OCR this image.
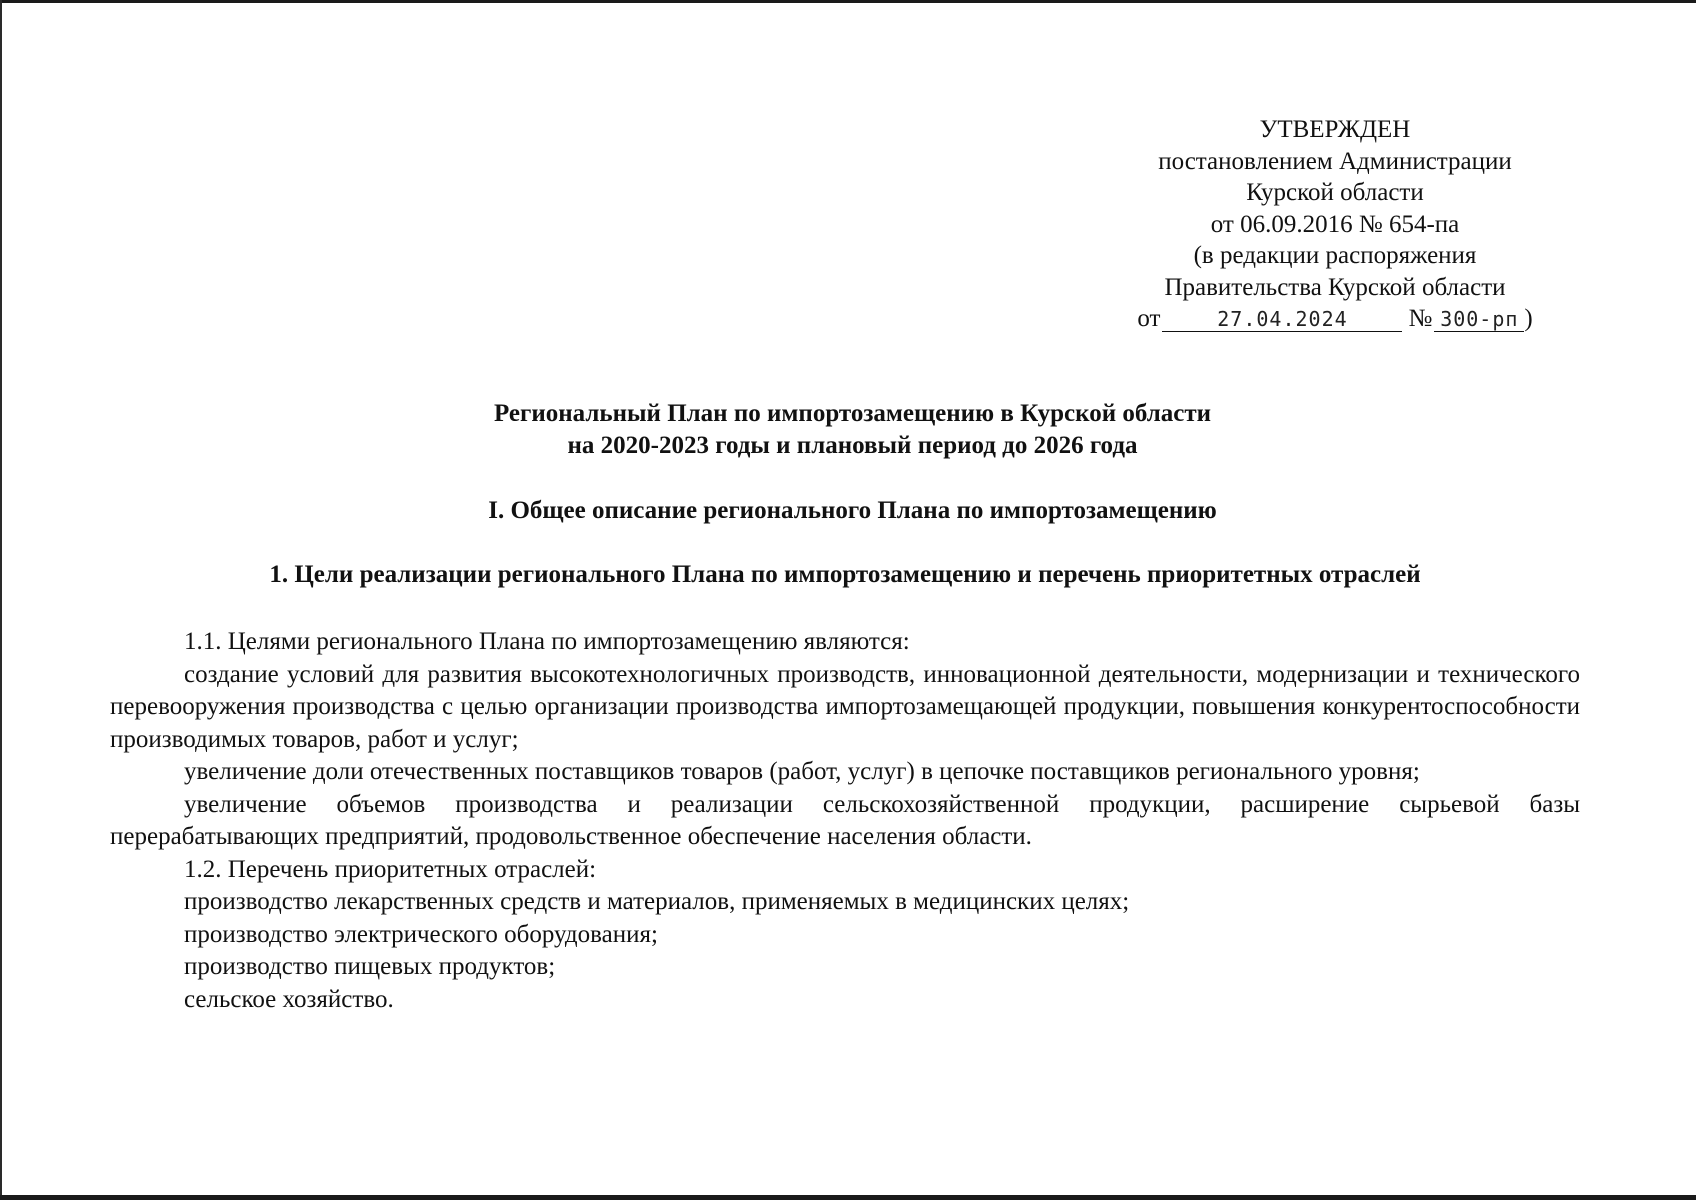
УТВЕРЖДЕН
постановлением Администрации
Курской области
от 06.09.2016 № 654-па
(в редакции распоряжения
Правительства Курской области
от	27.04.2024 № 300-рп )
Региональный План по импортозамещению в Курской области
на 2020-2023 годы и плановый период до 2026 года
I. Общее описание регионального Плана по импортозамещению
1. Цели реализации регионального Плана по импортозамещению и перечень приоритетных отраслей

1.1. Целями регионального Плана по импортозамещению являются:

создание условий для развития высокотехнологичных производств, инновационной деятельности, модернизации и технического перевооружения производства с целью организации производства импортозамещающей продукции, повышения конкурентоспособности производимых товаров, работ и услуг;

увеличение доли отечественных поставщиков товаров (работ, услуг) в цепочке поставщиков регионального уровня;

увеличение объемов производства и реализации сельскохозяйственной продукции, расширение сырьевой базы перерабатывающих предприятий, продовольственное обеспечение населения области.

1.2. Перечень приоритетных отраслей:

производство лекарственных средств и материалов, применяемых в медицинских целях;

производство электрического оборудования;

производство пищевых продуктов;

сельское хозяйство.
